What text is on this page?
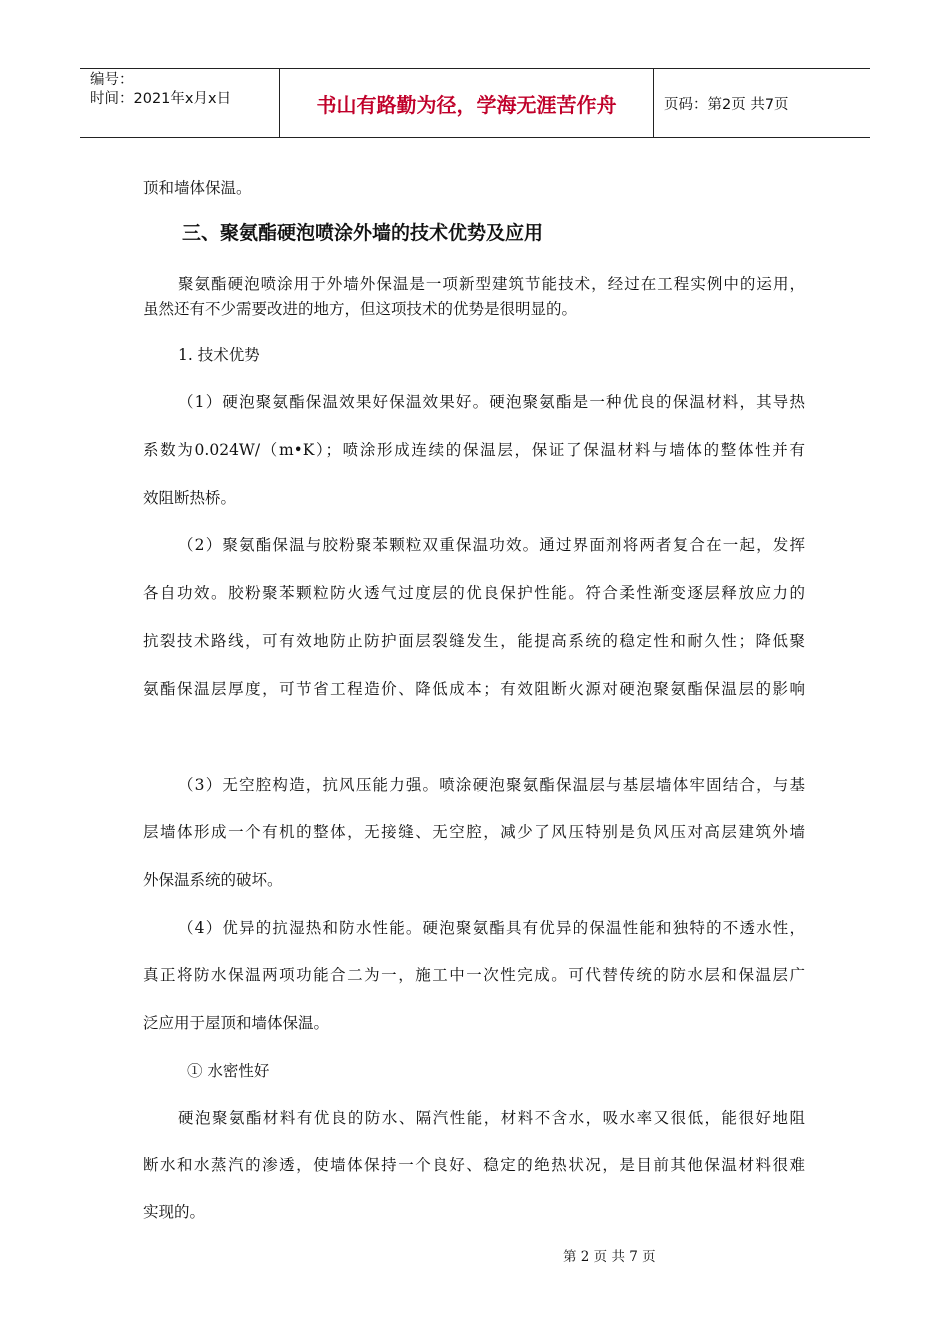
编号：
时间：2021年x月x日	书山有路勤为径，学海无涯苦作舟	页码：第2页 共7页
顶和墙体保温。
三、聚氨酯硬泡喷涂外墙的技术优势及应用
聚氨酯硬泡喷涂用于外墙外保温是一项新型建筑节能技术，经过在工程实例中的运用，
虽然还有不少需要改进的地方，但这项技术的优势是很明显的。
1. 技术优势
（1）硬泡聚氨酯保温效果好保温效果好。硬泡聚氨酯是一种优良的保温材料，其导热
系数为0.024W/（m•K）；喷涂形成连续的保温层，保证了保温材料与墙体的整体性并有
效阻断热桥。
（2）聚氨酯保温与胶粉聚苯颗粒双重保温功效。通过界面剂将两者复合在一起，发挥
各自功效。胶粉聚苯颗粒防火透气过度层的优良保护性能。符合柔性渐变逐层释放应力的
抗裂技术路线，可有效地防止防护面层裂缝发生，能提高系统的稳定性和耐久性；降低聚
氨酯保温层厚度，可节省工程造价、降低成本；有效阻断火源对硬泡聚氨酯保温层的影响
（3）无空腔构造，抗风压能力强。喷涂硬泡聚氨酯保温层与基层墙体牢固结合，与基
层墙体形成一个有机的整体，无接缝、无空腔，减少了风压特别是负风压对高层建筑外墙
外保温系统的破坏。
（4）优异的抗湿热和防水性能。硬泡聚氨酯具有优异的保温性能和独特的不透水性，
真正将防水保温两项功能合二为一，施工中一次性完成。可代替传统的防水层和保温层广
泛应用于屋顶和墙体保温。
① 水密性好
硬泡聚氨酯材料有优良的防水、隔汽性能，材料不含水，吸水率又很低，能很好地阻
断水和水蒸汽的渗透，使墙体保持一个良好、稳定的绝热状况，是目前其他保温材料很难
实现的。
第 2 页 共 7 页
